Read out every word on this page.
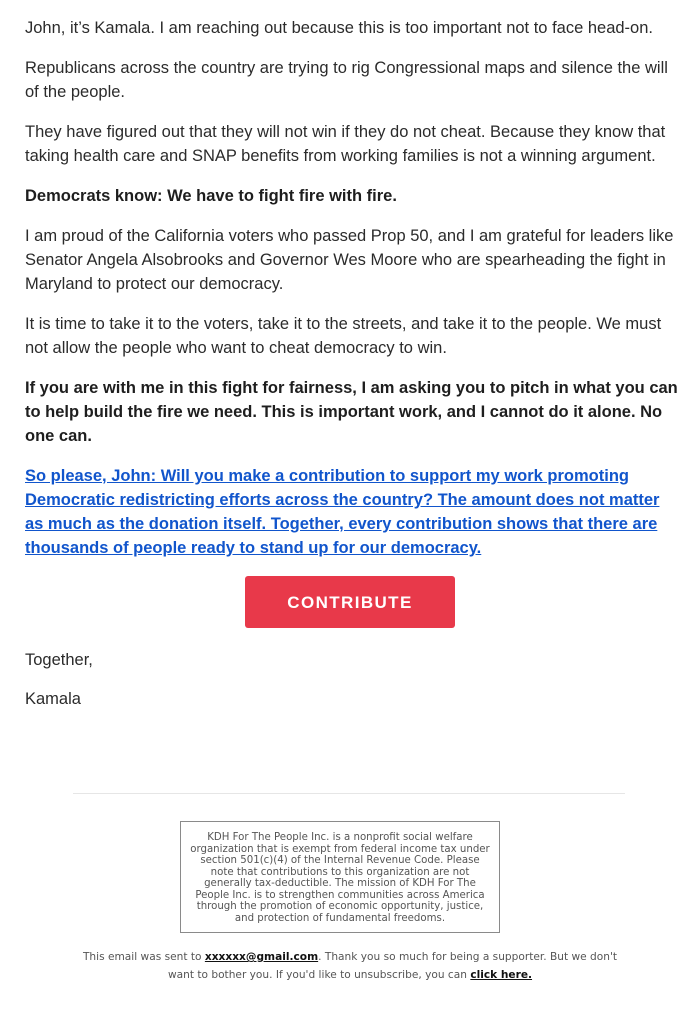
John, it’s Kamala. I am reaching out because this is too important not to face head-on.

Republicans across the country are trying to rig Congressional maps and silence the will of the people.

They have figured out that they will not win if they do not cheat. Because they know that taking health care and SNAP benefits from working families is not a winning argument.

Democrats know: We have to fight fire with fire.

I am proud of the California voters who passed Prop 50, and I am grateful for leaders like Senator Angela Alsobrooks and Governor Wes Moore who are spearheading the fight in Maryland to protect our democracy.

It is time to take it to the voters, take it to the streets, and take it to the people. We must not allow the people who want to cheat democracy to win.

If you are with me in this fight for fairness, I am asking you to pitch in what you can to help build the fire we need. This is important work, and I cannot do it alone. No one can.

So please, John: Will you make a contribution to support my work promoting Democratic redistricting efforts across the country? The amount does not matter as much as the donation itself. Together, every contribution shows that there are thousands of people ready to stand up for our democracy.
CONTRIBUTE

Together,

Kamala

KDH For The People Inc. is a nonprofit social welfare organization that is exempt from federal income tax under section 501(c)(4) of the Internal Revenue Code. Please note that contributions to this organization are not generally tax-deductible. The mission of KDH For The People Inc. is to strengthen communities across America through the promotion of economic opportunity, justice, and protection of fundamental freedoms.
This email was sent to xxxxxx@gmail.com. Thank you so much for being a supporter. But we don't want to bother you. If you'd like to unsubscribe, you can click here.
